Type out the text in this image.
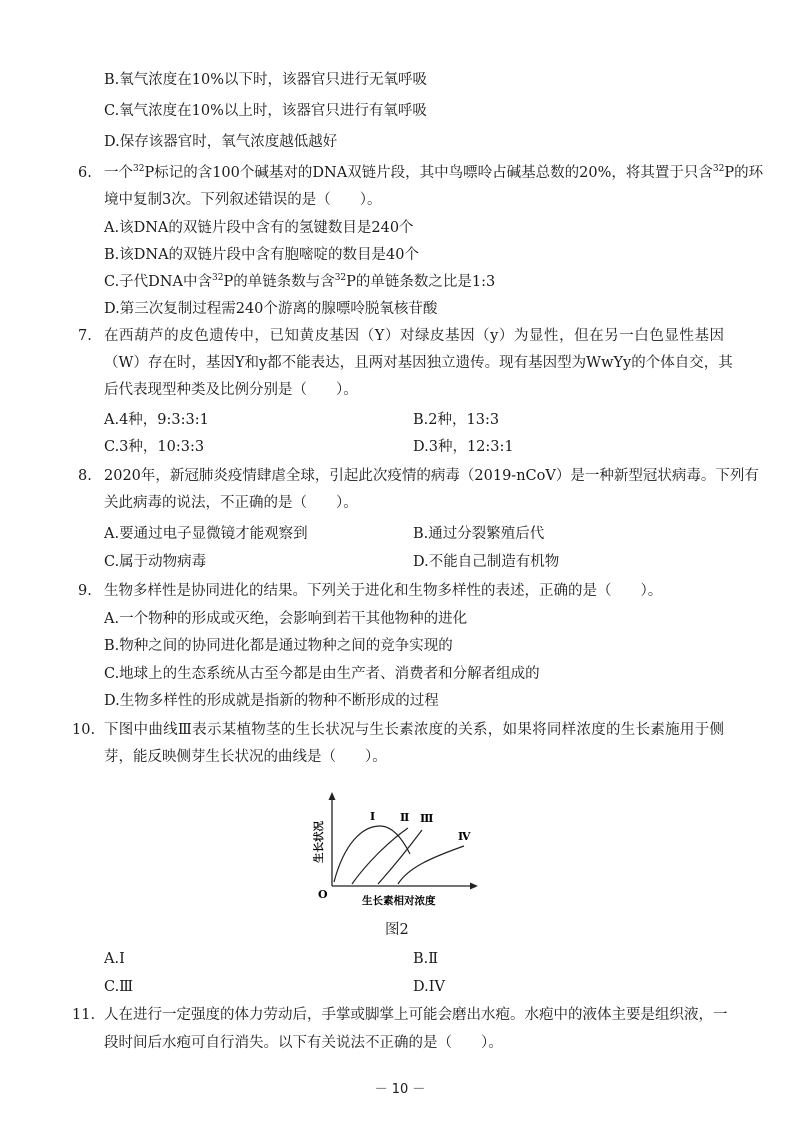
B.氧气浓度在10%以下时，该器官只进行无氧呼吸
C.氧气浓度在10%以上时，该器官只进行有氧呼吸
D.保存该器官时，氧气浓度越低越好
6. 一个$^{32}$P标记的含100个碱基对的DNA双链片段，其中鸟嘌呤占碱基总数的20%，将其置于只含$^{32}$P的环
境中复制3次。下列叙述错误的是（　　）。
A.该DNA的双链片段中含有的氢键数目是240个
B.该DNA的双链片段中含有胞嘧啶的数目是40个
C.子代DNA中含$^{32}$P的单链条数与含$^{32}$P的单链条数之比是1:3
D.第三次复制过程需240个游离的腺嘌呤脱氧核苷酸
7. 在西葫芦的皮色遗传中，已知黄皮基因（Y）对绿皮基因（y）为显性，但在另一白色显性基因
（W）存在时，基因Y和y都不能表达，且两对基因独立遗传。现有基因型为WwYy的个体自交，其
后代表现型种类及比例分别是（　　）。
A.4种，9:3:3:1	B.2种，13:3
C.3种，10:3:3	D.3种，12:3:1
8. 2020年，新冠肺炎疫情肆虐全球，引起此次疫情的病毒（2019-nCoV）是一种新型冠状病毒。下列有
关此病毒的说法，不正确的是（　　）。
A.要通过电子显微镜才能观察到	B.通过分裂繁殖后代
C.属于动物病毒	D.不能自己制造有机物
9. 生物多样性是协同进化的结果。下列关于进化和生物多样性的表述，正确的是（　　）。
A.一个物种的形成或灭绝，会影响到若干其他物种的进化
B.物种之间的协同进化都是通过物种之间的竞争实现的
C.地球上的生态系统从古至今都是由生产者、消费者和分解者组成的
D.生物多样性的形成就是指新的物种不断形成的过程
10. 下图中曲线Ⅲ表示某植物茎的生长状况与生长素浓度的关系，如果将同样浓度的生长素施用于侧
芽，能反映侧芽生长状况的曲线是（　　）。
Ⅰ Ⅱ Ⅲ
Ⅳ
O	生长素相对浓度
生长状况
图2
A.I	B.Ⅱ
C.Ⅲ	D.IV
11. 人在进行一定强度的体力劳动后，手掌或脚掌上可能会磨出水疱。水疱中的液体主要是组织液，一
段时间后水疱可自行消失。以下有关说法不正确的是（　　）。
－ 10 －
